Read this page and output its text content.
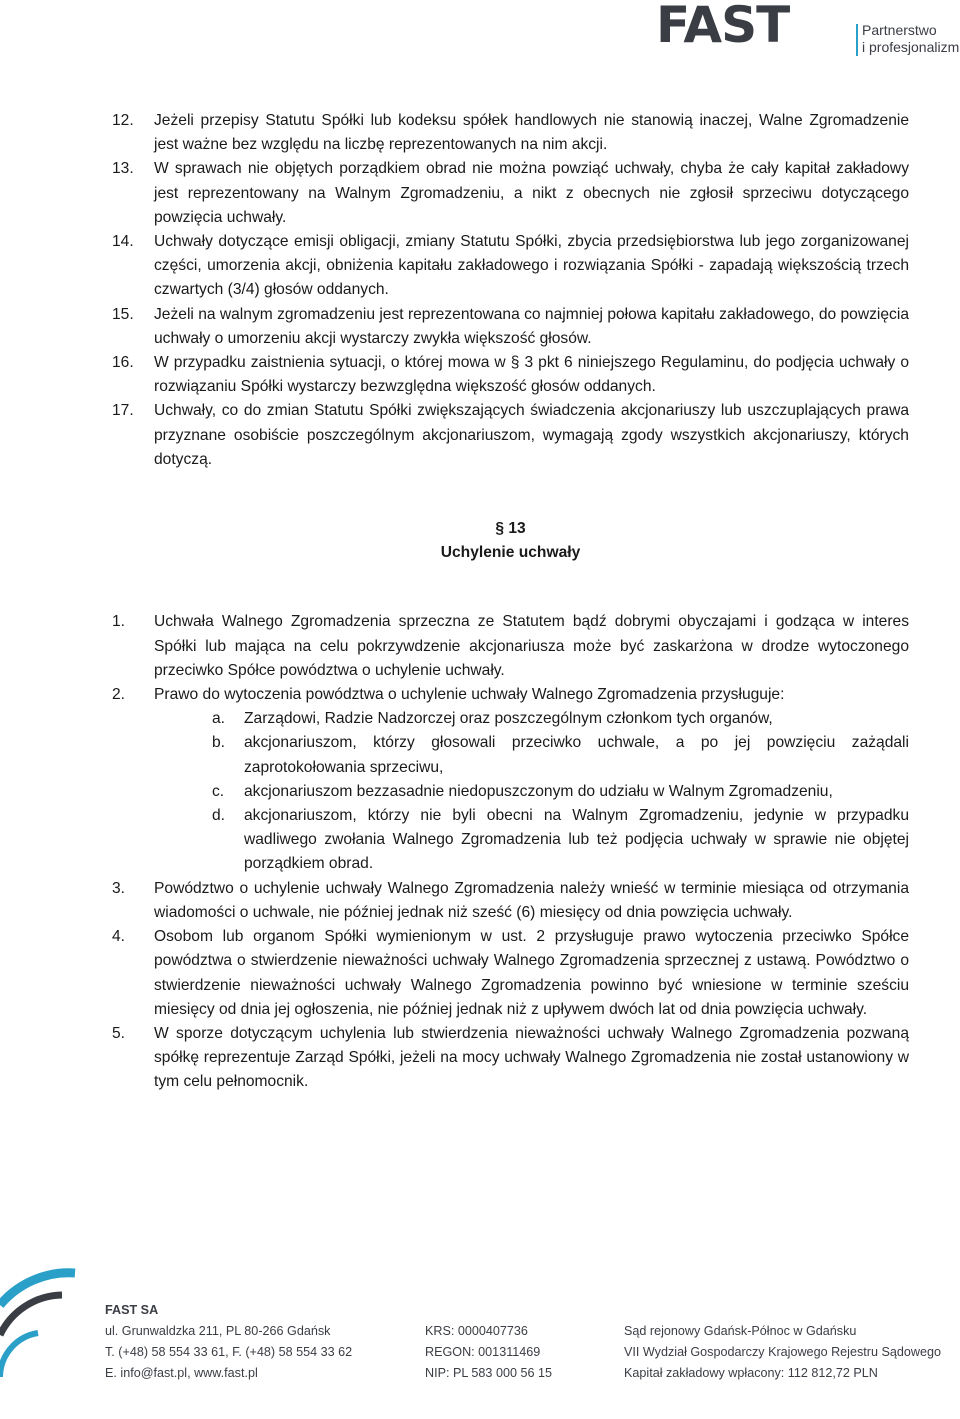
FAST	Partnerstwo
i profesjonalizm
12. Jeżeli przepisy Statutu Spółki lub kodeksu spółek handlowych nie stanowią inaczej, Walne Zgromadzenie jest ważne bez względu na liczbę reprezentowanych na nim akcji.
13. W sprawach nie objętych porządkiem obrad nie można powziąć uchwały, chyba że cały kapitał zakładowy jest reprezentowany na Walnym Zgromadzeniu, a nikt z obecnych nie zgłosił sprzeciwu dotyczącego powzięcia uchwały.
14. Uchwały dotyczące emisji obligacji, zmiany Statutu Spółki, zbycia przedsiębiorstwa lub jego zorganizowanej części, umorzenia akcji, obniżenia kapitału zakładowego i rozwiązania Spółki - zapadają większością trzech czwartych (3/4) głosów oddanych.
15. Jeżeli na walnym zgromadzeniu jest reprezentowana co najmniej połowa kapitału zakładowego, do powzięcia uchwały o umorzeniu akcji wystarczy zwykła większość głosów.
16. W przypadku zaistnienia sytuacji, o której mowa w § 3 pkt 6 niniejszego Regulaminu, do podjęcia uchwały o rozwiązaniu Spółki wystarczy bezwzględna większość głosów oddanych.
17. Uchwały, co do zmian Statutu Spółki zwiększających świadczenia akcjonariuszy lub uszczuplających prawa przyznane osobiście poszczególnym akcjonariuszom, wymagają zgody wszystkich akcjonariuszy, których dotyczą.
§ 13
Uchylenie uchwały
1. Uchwała Walnego Zgromadzenia sprzeczna ze Statutem bądź dobrymi obyczajami i godząca w interes Spółki lub mająca na celu pokrzywdzenie akcjonariusza może być zaskarżona w drodze wytoczonego przeciwko Spółce powództwa o uchylenie uchwały.
2. Prawo do wytoczenia powództwa o uchylenie uchwały Walnego Zgromadzenia przysługuje:
a. Zarządowi, Radzie Nadzorczej oraz poszczególnym członkom tych organów,
b. akcjonariuszom, którzy głosowali przeciwko uchwale, a po jej powzięciu zażądali zaprotokołowania sprzeciwu,
c. akcjonariuszom bezzasadnie niedopuszczonym do udziału w Walnym Zgromadzeniu,
d. akcjonariuszom, którzy nie byli obecni na Walnym Zgromadzeniu, jedynie w przypadku wadliwego zwołania Walnego Zgromadzenia lub też podjęcia uchwały w sprawie nie objętej porządkiem obrad.
3. Powództwo o uchylenie uchwały Walnego Zgromadzenia należy wnieść w terminie miesiąca od otrzymania wiadomości o uchwale, nie później jednak niż sześć (6) miesięcy od dnia powzięcia uchwały.
4. Osobom lub organom Spółki wymienionym w ust. 2 przysługuje prawo wytoczenia przeciwko Spółce powództwa o stwierdzenie nieważności uchwały Walnego Zgromadzenia sprzecznej z ustawą. Powództwo o stwierdzenie nieważności uchwały Walnego Zgromadzenia powinno być wniesione w terminie sześciu miesięcy od dnia jej ogłoszenia, nie później jednak niż z upływem dwóch lat od dnia powzięcia uchwały.
5. W sporze dotyczącym uchylenia lub stwierdzenia nieważności uchwały Walnego Zgromadzenia pozwaną spółkę reprezentuje Zarząd Spółki, jeżeli na mocy uchwały Walnego Zgromadzenia nie został ustanowiony w tym celu pełnomocnik.
FAST SA
ul. Grunwaldzka 211, PL 80-266 Gdańsk
T. (+48) 58 554 33 61, F. (+48) 58 554 33 62
E. info@fast.pl, www.fast.pl
KRS: 0000407736
REGON: 001311469
NIP: PL 583 000 56 15
Sąd rejonowy Gdańsk-Północ w Gdańsku
VII Wydział Gospodarczy Krajowego Rejestru Sądowego
Kapitał zakładowy wpłacony: 112 812,72 PLN
